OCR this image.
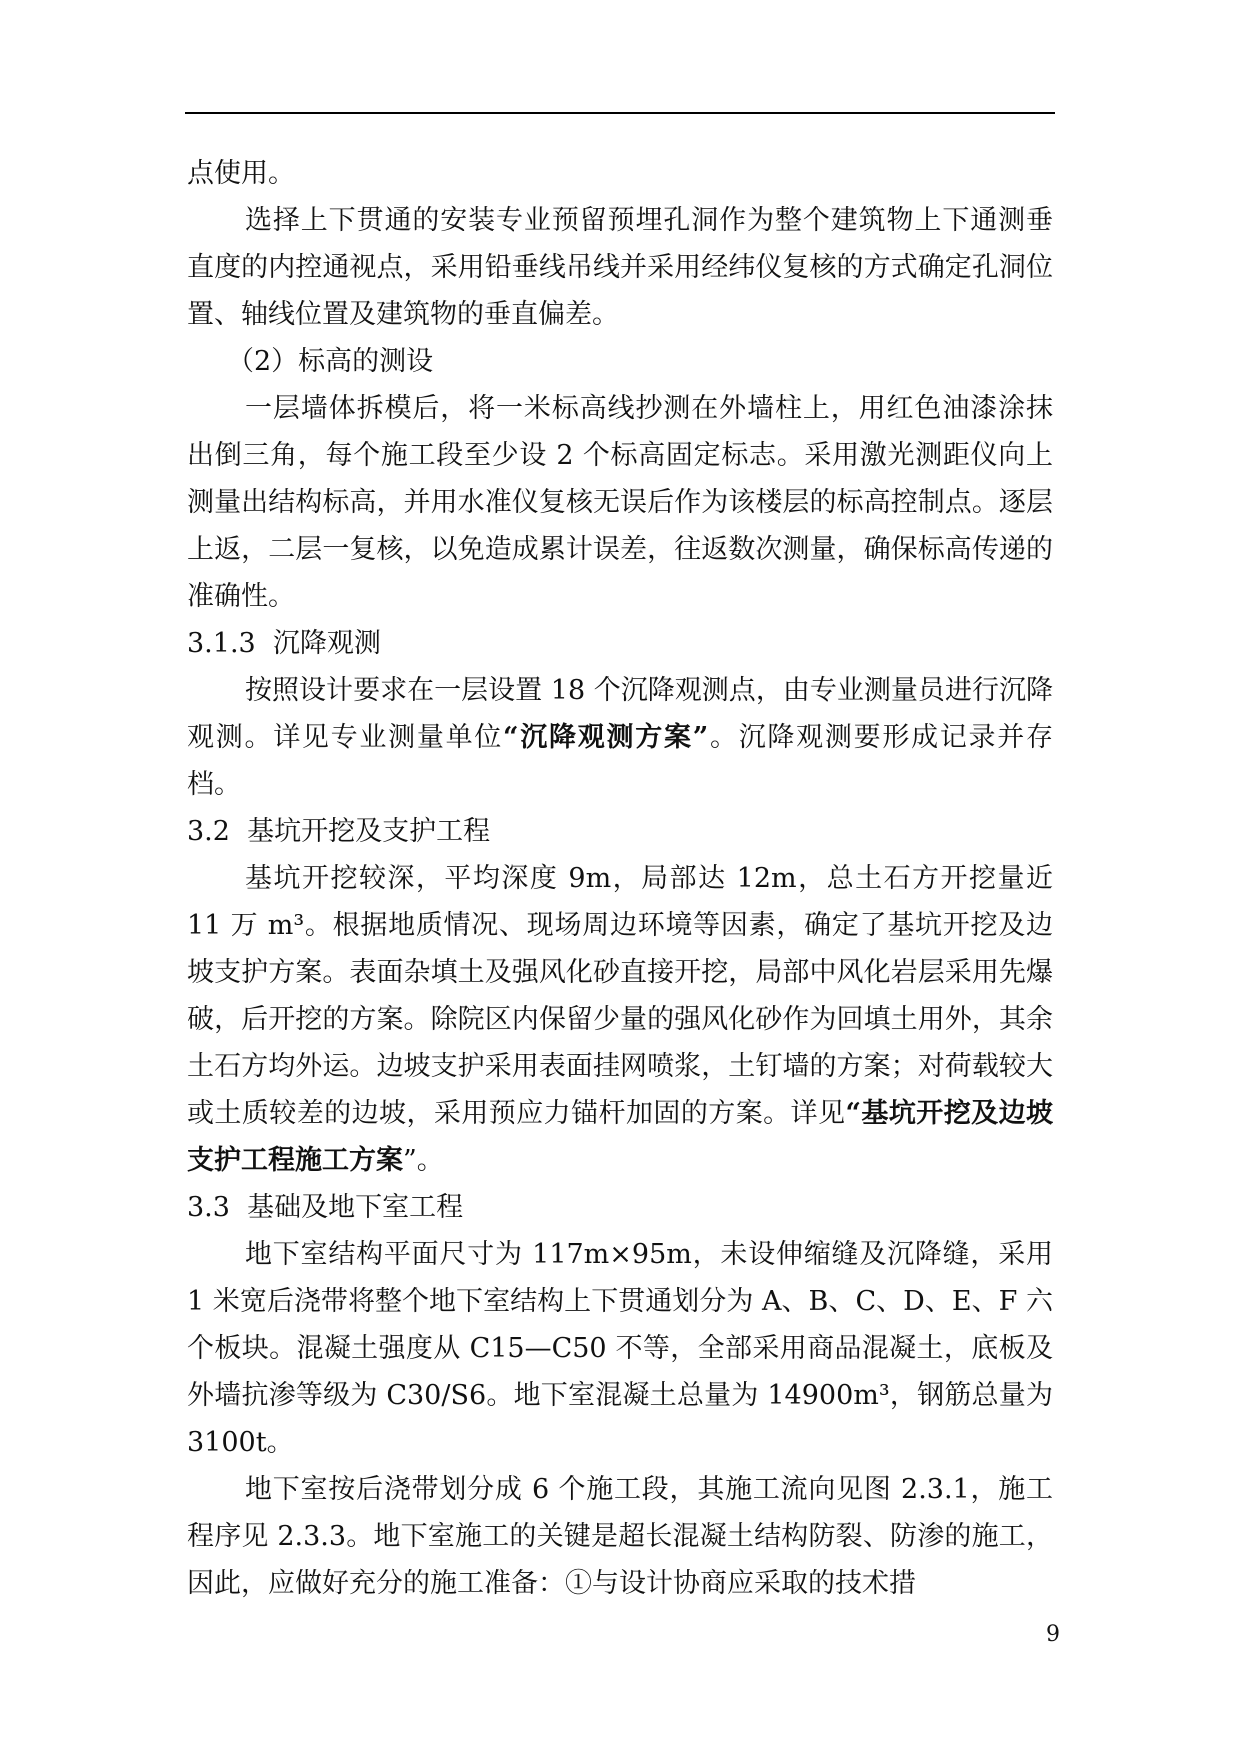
点使用。

选择上下贯通的安装专业预留预埋孔洞作为整个建筑物上下通测垂直度的内控通视点，采用铅垂线吊线并采用经纬仪复核的方式确定孔洞位置、轴线位置及建筑物的垂直偏差。

（2）标高的测设

一层墙体拆模后，将一米标高线抄测在外墙柱上，用红色油漆涂抹出倒三角，每个施工段至少设 2 个标高固定标志。采用激光测距仪向上测量出结构标高，并用水准仪复核无误后作为该楼层的标高控制点。逐层上返，二层一复核，以免造成累计误差，往返数次测量，确保标高传递的准确性。

3.1.3  沉降观测

按照设计要求在一层设置 18 个沉降观测点，由专业测量员进行沉降观测。详见专业测量单位“沉降观测方案”。沉降观测要形成记录并存档。

3.2  基坑开挖及支护工程

基坑开挖较深，平均深度 9m，局部达 12m，总土石方开挖量近 11 万 m³。根据地质情况、现场周边环境等因素，确定了基坑开挖及边坡支护方案。表面杂填土及强风化砂直接开挖，局部中风化岩层采用先爆破，后开挖的方案。除院区内保留少量的强风化砂作为回填土用外，其余土石方均外运。边坡支护采用表面挂网喷浆，土钉墙的方案；对荷载较大或土质较差的边坡，采用预应力锚杆加固的方案。详见“基坑开挖及边坡支护工程施工方案”。

3.3  基础及地下室工程

地下室结构平面尺寸为 117m×95m，未设伸缩缝及沉降缝，采用 1 米宽后浇带将整个地下室结构上下贯通划分为 A、B、C、D、E、F 六个板块。混凝土强度从 C15—C50 不等，全部采用商品混凝土，底板及外墙抗渗等级为 C30/S6。地下室混凝土总量为 14900m³，钢筋总量为 3100t。

地下室按后浇带划分成 6 个施工段，其施工流向见图 2.3.1，施工程序见 2.3.3。地下室施工的关键是超长混凝土结构防裂、防渗的施工，因此，应做好充分的施工准备：①与设计协商应采取的技术措

9
